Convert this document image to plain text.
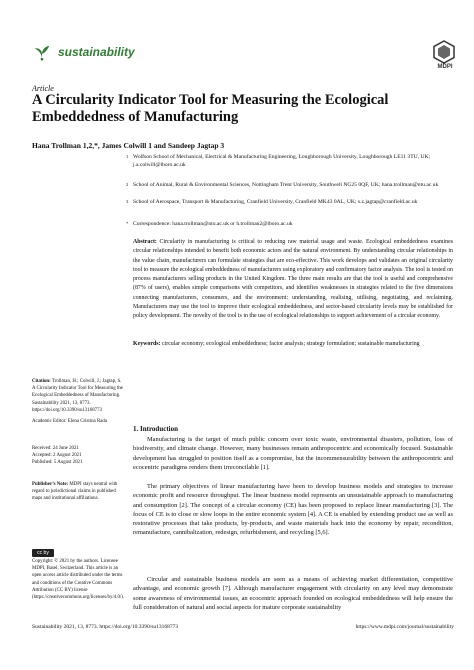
sustainability
MDPI
Article
A Circularity Indicator Tool for Measuring the Ecological Embeddedness of Manufacturing
Hana Trollman 1,2,*, James Colwill 1 and Sandeep Jagtap 3
1 Wolfson School of Mechanical, Electrical & Manufacturing Engineering, Loughborough University, Loughborough LE11 3TU, UK; j.a.colwill@lboro.ac.uk
2 School of Animal, Rural & Environmental Sciences, Nottingham Trent University, Southwell NG25 0QF, UK; hana.trollman@ntu.ac.uk
3 School of Aerospace, Transport & Manufacturing, Cranfield University, Cranfield MK43 0AL, UK; s.z.jagtap@cranfield.ac.uk
* Correspondence: hana.trollman@ntu.ac.uk or h.trollman2@lboro.ac.uk
Abstract: Circularity in manufacturing is critical to reducing raw material usage and waste. Ecological embeddedness examines circular relationships intended to benefit both economic actors and the natural environment. By understanding circular relationships in the value chain, manufacturers can formulate strategies that are eco-effective. This work develops and validates an original circularity tool to measure the ecological embeddedness of manufacturers using exploratory and confirmatory factor analysis. The tool is tested on process manufacturers selling products in the United Kingdom. The three main results are that the tool is useful and comprehensive (87% of users), enables simple comparisons with competitors, and identifies weaknesses in strategies related to the five dimensions connecting manufacturers, consumers, and the environment: understanding, realising, utilising, negotiating, and reclaiming. Manufacturers may use the tool to improve their ecological embeddedness, and sector-based circularity levels may be established for policy development. The novelty of the tool is in the use of ecological relationships to support achievement of a circular economy.
Keywords: circular economy; ecological embeddedness; factor analysis; strategy formulation; sustainable manufacturing
Citation: Trollman, H.; Colwill, J.; Jagtap, S. A Circularity Indicator Tool for Measuring the Ecological Embeddedness of Manufacturing. Sustainability 2021, 13, 8773. https://doi.org/10.3390/su13168773
Academic Editor: Elena Cristina Rada
Received: 24 June 2021
Accepted: 2 August 2021
Published: 5 August 2021
Publisher’s Note: MDPI stays neutral with regard to jurisdictional claims in published maps and institutional affiliations.
cc by
Copyright: © 2021 by the authors. Licensee MDPI, Basel, Switzerland. This article is an open access article distributed under the terms and conditions of the Creative Commons Attribution (CC BY) license (https://creativecommons.org/licenses/by/4.0/).
1. Introduction
Manufacturing is the target of much public concern over toxic waste, environmental disasters, pollution, loss of biodiversity, and climate change. However, many businesses remain anthropocentric and economically focused. Sustainable development has struggled to position itself as a compromise, but the incommensurability between the anthropocentric and ecocentric paradigms renders them irreconcilable [1].
The primary objectives of linear manufacturing have been to develop business models and strategies to increase economic profit and resource throughput. The linear business model represents an unsustainable approach to manufacturing and consumption [2]. The concept of a circular economy (CE) has been proposed to replace linear manufacturing [3]. The focus of CE is to close or slow loops in the entire economic system [4]. A CE is enabled by extending product use as well as restorative processes that take products, by-products, and waste materials back into the economy by repair, recondition, remanufacture, cannibalization, redesign, refurbishment, and recycling [5,6].
Circular and sustainable business models are seen as a means of achieving market differentiation, competitive advantage, and economic growth [7]. Although manufacturer engagement with circularity on any level may demonstrate some awareness of environmental issues, an ecocentric approach founded on ecological embeddedness will help ensure the full consideration of natural and social aspects for mature corporate sustainability
Sustainability 2021, 13, 8773. https://doi.org/10.3390/su13168773	https://www.mdpi.com/journal/sustainability
